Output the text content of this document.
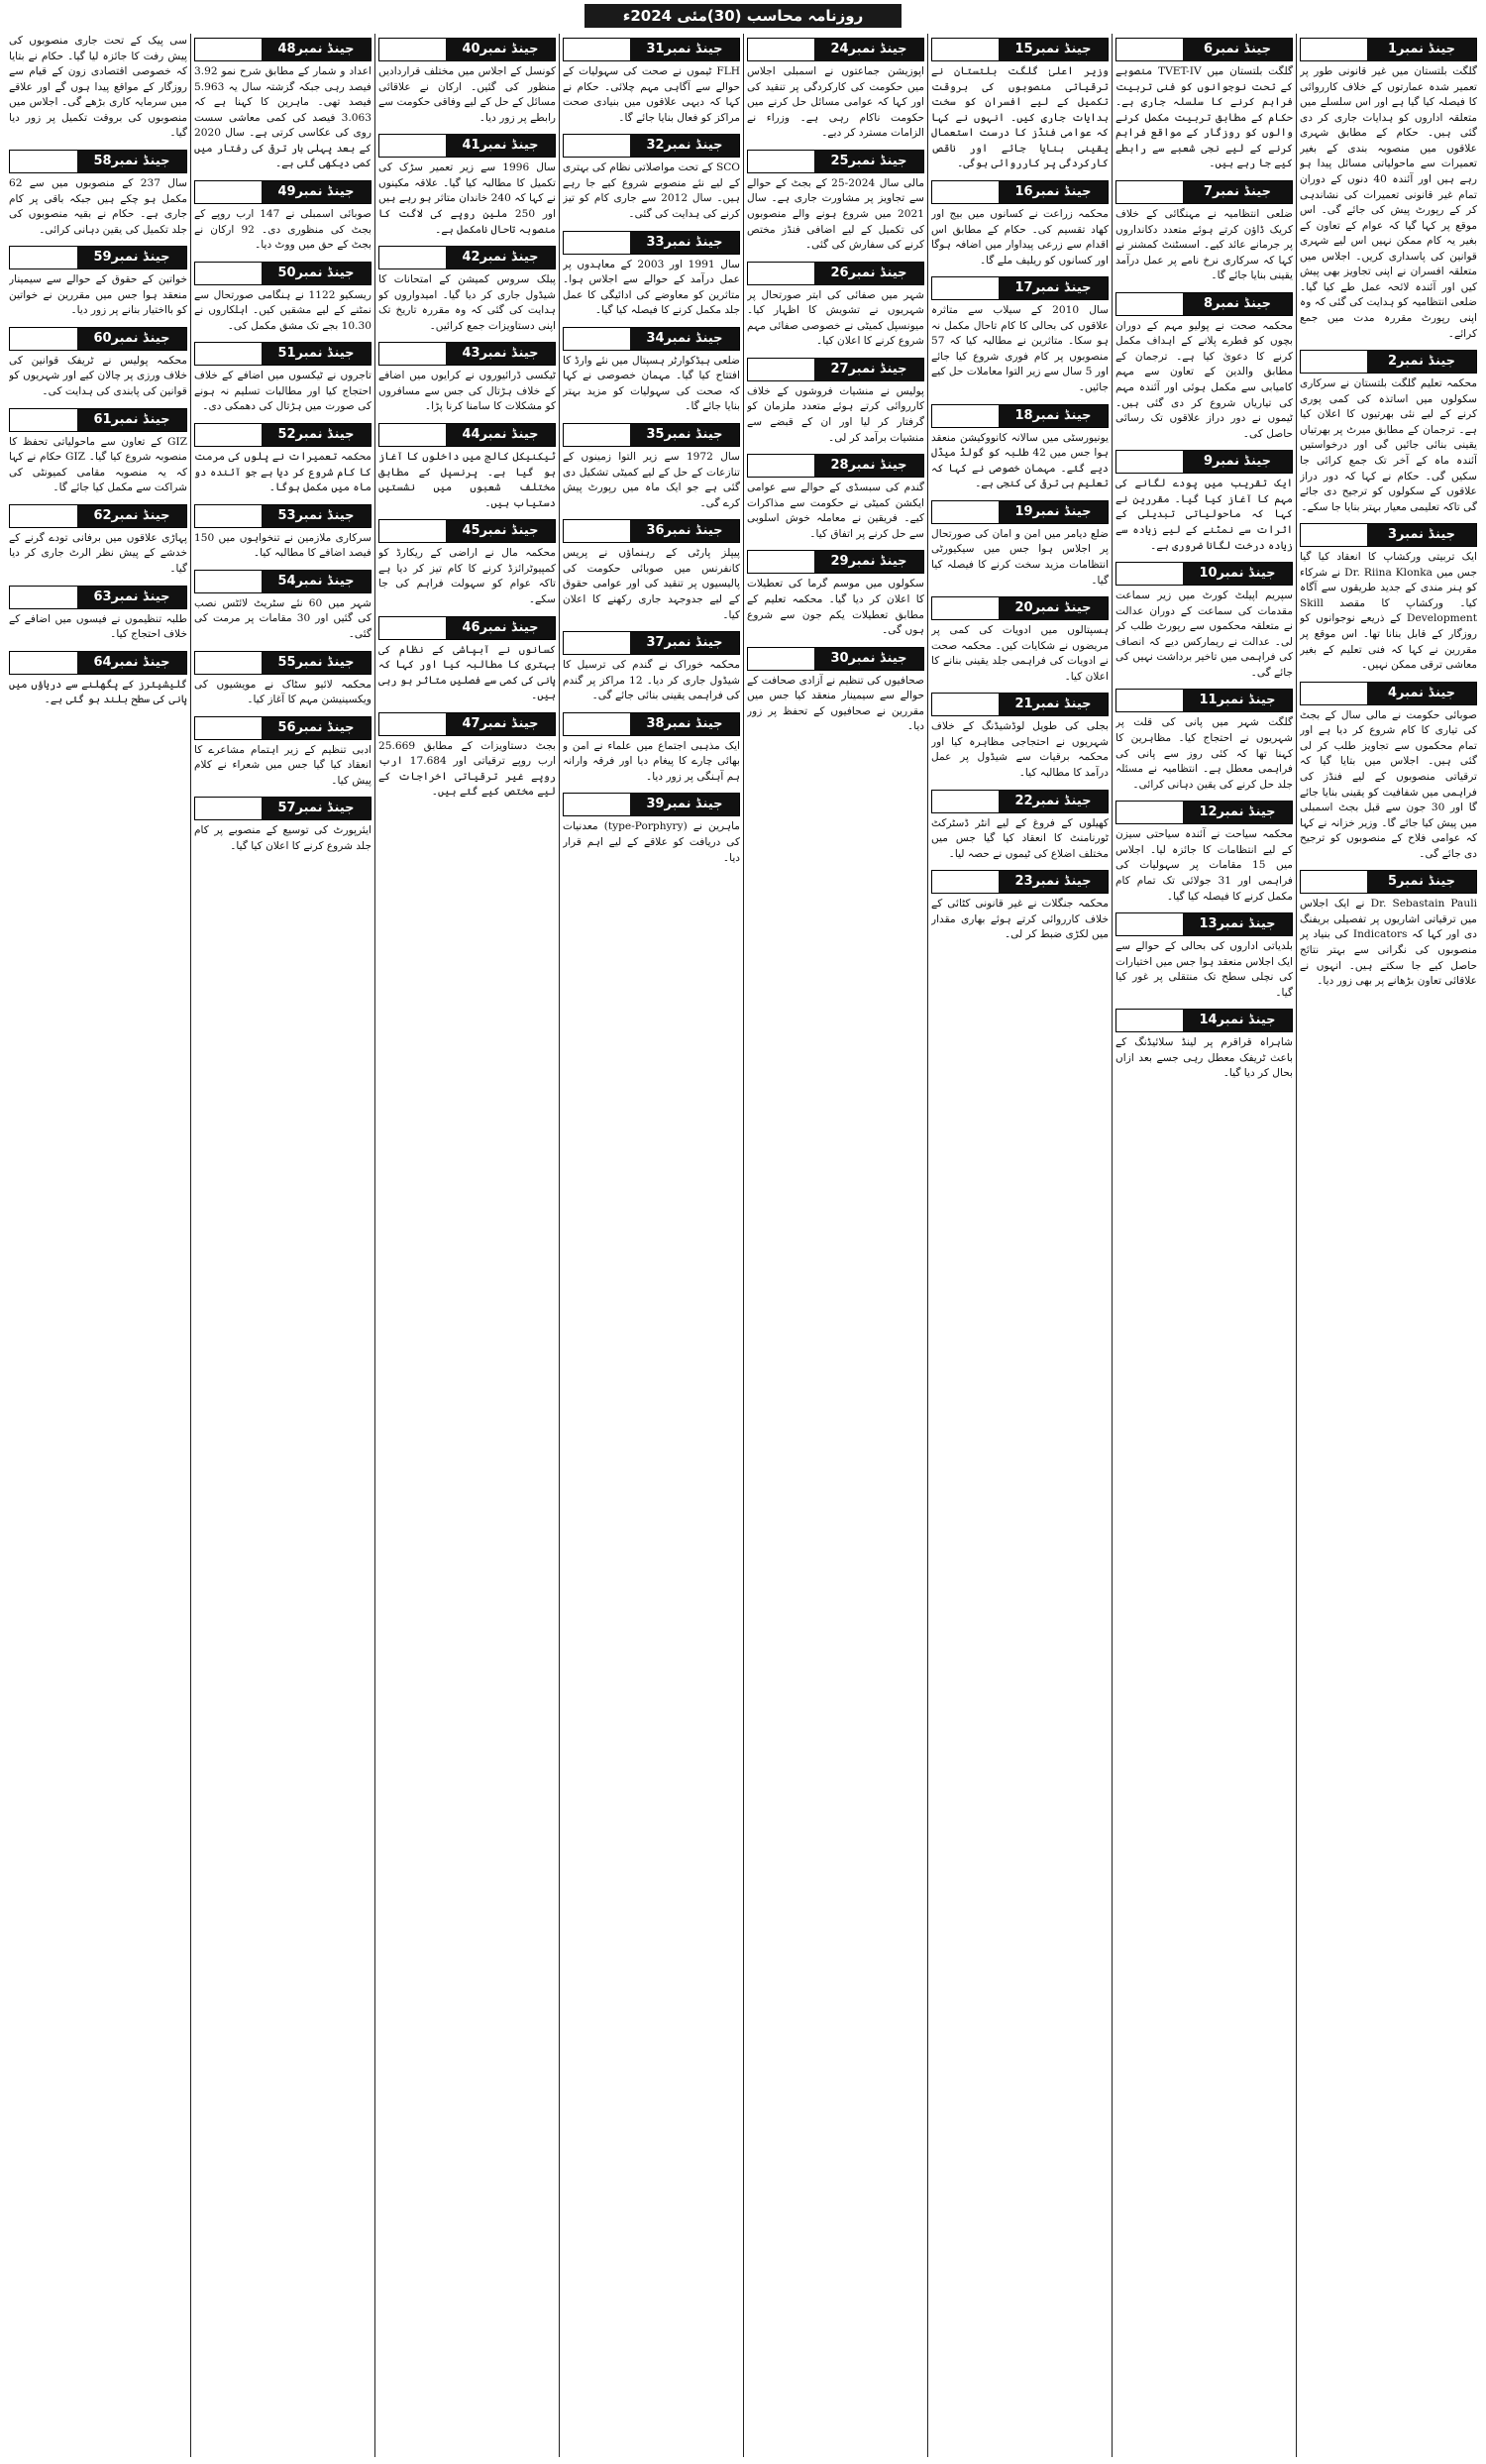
روزنامہ محاسب (30)مئی 2024ء
جینڈ نمبر1

گلگت بلتستان میں غیر قانونی طور پر تعمیر شدہ عمارتوں کے خلاف کارروائی کا فیصلہ کیا گیا ہے اور اس سلسلے میں متعلقہ اداروں کو ہدایات جاری کر دی گئی ہیں۔ حکام کے مطابق شہری علاقوں میں منصوبہ بندی کے بغیر تعمیرات سے ماحولیاتی مسائل پیدا ہو رہے ہیں اور آئندہ 40 دنوں کے دوران تمام غیر قانونی تعمیرات کی نشاندہی کر کے رپورٹ پیش کی جائے گی۔ اس موقع پر کہا گیا کہ عوام کے تعاون کے بغیر یہ کام ممکن نہیں اس لیے شہری قوانین کی پاسداری کریں۔ اجلاس میں متعلقہ افسران نے اپنی تجاویز بھی پیش کیں اور آئندہ لائحہ عمل طے کیا گیا۔ ضلعی انتظامیہ کو ہدایت کی گئی کہ وہ اپنی رپورٹ مقررہ مدت میں جمع کرائے۔

جینڈ نمبر2

محکمہ تعلیم گلگت بلتستان نے سرکاری سکولوں میں اساتذہ کی کمی پوری کرنے کے لیے نئی بھرتیوں کا اعلان کیا ہے۔ ترجمان کے مطابق میرٹ پر بھرتیاں یقینی بنائی جائیں گی اور درخواستیں آئندہ ماہ کے آخر تک جمع کرائی جا سکیں گی۔ حکام نے کہا کہ دور دراز علاقوں کے سکولوں کو ترجیح دی جائے گی تاکہ تعلیمی معیار بہتر بنایا جا سکے۔

جینڈ نمبر3

ایک تربیتی ورکشاپ کا انعقاد کیا گیا جس میں Dr. Riina Klonka نے شرکاء کو ہنر مندی کے جدید طریقوں سے آگاہ کیا۔ ورکشاپ کا مقصد Skill Development کے ذریعے نوجوانوں کو روزگار کے قابل بنانا تھا۔ اس موقع پر مقررین نے کہا کہ فنی تعلیم کے بغیر معاشی ترقی ممکن نہیں۔

جینڈ نمبر4

صوبائی حکومت نے مالی سال کے بجٹ کی تیاری کا کام شروع کر دیا ہے اور تمام محکموں سے تجاویز طلب کر لی گئی ہیں۔ اجلاس میں بتایا گیا کہ ترقیاتی منصوبوں کے لیے فنڈز کی فراہمی میں شفافیت کو یقینی بنایا جائے گا اور 30 جون سے قبل بجٹ اسمبلی میں پیش کیا جائے گا۔ وزیر خزانہ نے کہا کہ عوامی فلاح کے منصوبوں کو ترجیح دی جائے گی۔

جینڈ نمبر5

Dr. Sebastain Pauli نے ایک اجلاس میں ترقیاتی اشاریوں پر تفصیلی بریفنگ دی اور کہا کہ Indicators کی بنیاد پر منصوبوں کی نگرانی سے بہتر نتائج حاصل کیے جا سکتے ہیں۔ انہوں نے علاقائی تعاون بڑھانے پر بھی زور دیا۔

جینڈ نمبر6

گلگت بلتستان میں TVET-IV منصوبے کے تحت نوجوانوں کو فنی تربیت فراہم کرنے کا سلسلہ جاری ہے۔ حکام کے مطابق تربیت مکمل کرنے والوں کو روزگار کے مواقع فراہم کرنے کے لیے نجی شعبے سے رابطے کیے جا رہے ہیں۔

جینڈ نمبر7

ضلعی انتظامیہ نے مہنگائی کے خلاف کریک ڈاؤن کرتے ہوئے متعدد دکانداروں پر جرمانے عائد کیے۔ اسسٹنٹ کمشنر نے کہا کہ سرکاری نرخ نامے پر عمل درآمد یقینی بنایا جائے گا۔

جینڈ نمبر8

محکمہ صحت نے پولیو مہم کے دوران بچوں کو قطرے پلانے کے اہداف مکمل کرنے کا دعویٰ کیا ہے۔ ترجمان کے مطابق والدین کے تعاون سے مہم کامیابی سے مکمل ہوئی اور آئندہ مہم کی تیاریاں شروع کر دی گئی ہیں۔ ٹیموں نے دور دراز علاقوں تک رسائی حاصل کی۔

جینڈ نمبر9

ایک تقریب میں پودے لگانے کی مہم کا آغاز کیا گیا۔ مقررین نے کہا کہ ماحولیاتی تبدیلی کے اثرات سے نمٹنے کے لیے زیادہ سے زیادہ درخت لگانا ضروری ہے۔

جینڈ نمبر10

سپریم اپیلٹ کورٹ میں زیر سماعت مقدمات کی سماعت کے دوران عدالت نے متعلقہ محکموں سے رپورٹ طلب کر لی۔ عدالت نے ریمارکس دیے کہ انصاف کی فراہمی میں تاخیر برداشت نہیں کی جائے گی۔

جینڈ نمبر11

گلگت شہر میں پانی کی قلت پر شہریوں نے احتجاج کیا۔ مظاہرین کا کہنا تھا کہ کئی روز سے پانی کی فراہمی معطل ہے۔ انتظامیہ نے مسئلہ جلد حل کرنے کی یقین دہانی کرائی۔

جینڈ نمبر12

محکمہ سیاحت نے آئندہ سیاحتی سیزن کے لیے انتظامات کا جائزہ لیا۔ اجلاس میں 15 مقامات پر سہولیات کی فراہمی اور 31 جولائی تک تمام کام مکمل کرنے کا فیصلہ کیا گیا۔

جینڈ نمبر13

بلدیاتی اداروں کی بحالی کے حوالے سے ایک اجلاس منعقد ہوا جس میں اختیارات کی نچلی سطح تک منتقلی پر غور کیا گیا۔

جینڈ نمبر14

شاہراہ قراقرم پر لینڈ سلائیڈنگ کے باعث ٹریفک معطل رہی جسے بعد ازاں بحال کر دیا گیا۔

جینڈ نمبر15

وزیر اعلیٰ گلگت بلتستان نے ترقیاتی منصوبوں کی بروقت تکمیل کے لیے افسران کو سخت ہدایات جاری کیں۔ انہوں نے کہا کہ عوامی فنڈز کا درست استعمال یقینی بنایا جائے اور ناقص کارکردگی پر کارروائی ہوگی۔

جینڈ نمبر16

محکمہ زراعت نے کسانوں میں بیج اور کھاد تقسیم کی۔ حکام کے مطابق اس اقدام سے زرعی پیداوار میں اضافہ ہوگا اور کسانوں کو ریلیف ملے گا۔

جینڈ نمبر17

سال 2010 کے سیلاب سے متاثرہ علاقوں کی بحالی کا کام تاحال مکمل نہ ہو سکا۔ متاثرین نے مطالبہ کیا کہ 57 منصوبوں پر کام فوری شروع کیا جائے اور 5 سال سے زیر التوا معاملات حل کیے جائیں۔

جینڈ نمبر18

یونیورسٹی میں سالانہ کانووکیشن منعقد ہوا جس میں 42 طلبہ کو گولڈ میڈل دیے گئے۔ مہمان خصوصی نے کہا کہ تعلیم ہی ترقی کی کنجی ہے۔

جینڈ نمبر19

ضلع دیامر میں امن و امان کی صورتحال پر اجلاس ہوا جس میں سیکیورٹی انتظامات مزید سخت کرنے کا فیصلہ کیا گیا۔

جینڈ نمبر20

ہسپتالوں میں ادویات کی کمی پر مریضوں نے شکایات کیں۔ محکمہ صحت نے ادویات کی فراہمی جلد یقینی بنانے کا اعلان کیا۔

جینڈ نمبر21

بجلی کی طویل لوڈشیڈنگ کے خلاف شہریوں نے احتجاجی مظاہرہ کیا اور محکمہ برقیات سے شیڈول پر عمل درآمد کا مطالبہ کیا۔

جینڈ نمبر22

کھیلوں کے فروغ کے لیے انٹر ڈسٹرکٹ ٹورنامنٹ کا انعقاد کیا گیا جس میں مختلف اضلاع کی ٹیموں نے حصہ لیا۔

جینڈ نمبر23

محکمہ جنگلات نے غیر قانونی کٹائی کے خلاف کارروائی کرتے ہوئے بھاری مقدار میں لکڑی ضبط کر لی۔

جینڈ نمبر24

اپوزیشن جماعتوں نے اسمبلی اجلاس میں حکومت کی کارکردگی پر تنقید کی اور کہا کہ عوامی مسائل حل کرنے میں حکومت ناکام رہی ہے۔ وزراء نے الزامات مسترد کر دیے۔

جینڈ نمبر25

مالی سال 2024-25 کے بجٹ کے حوالے سے تجاویز پر مشاورت جاری ہے۔ سال 2021 میں شروع ہونے والے منصوبوں کی تکمیل کے لیے اضافی فنڈز مختص کرنے کی سفارش کی گئی۔

جینڈ نمبر26

شہر میں صفائی کی ابتر صورتحال پر شہریوں نے تشویش کا اظہار کیا۔ میونسپل کمیٹی نے خصوصی صفائی مہم شروع کرنے کا اعلان کیا۔

جینڈ نمبر27

پولیس نے منشیات فروشوں کے خلاف کارروائی کرتے ہوئے متعدد ملزمان کو گرفتار کر لیا اور ان کے قبضے سے منشیات برآمد کر لی۔

جینڈ نمبر28

گندم کی سبسڈی کے حوالے سے عوامی ایکشن کمیٹی نے حکومت سے مذاکرات کیے۔ فریقین نے معاملہ خوش اسلوبی سے حل کرنے پر اتفاق کیا۔

جینڈ نمبر29

سکولوں میں موسم گرما کی تعطیلات کا اعلان کر دیا گیا۔ محکمہ تعلیم کے مطابق تعطیلات یکم جون سے شروع ہوں گی۔

جینڈ نمبر30

صحافیوں کی تنظیم نے آزادی صحافت کے حوالے سے سیمینار منعقد کیا جس میں مقررین نے صحافیوں کے تحفظ پر زور دیا۔

جینڈ نمبر31

FLH ٹیموں نے صحت کی سہولیات کے حوالے سے آگاہی مہم چلائی۔ حکام نے کہا کہ دیہی علاقوں میں بنیادی صحت مراکز کو فعال بنایا جائے گا۔

جینڈ نمبر32

SCO کے تحت مواصلاتی نظام کی بہتری کے لیے نئے منصوبے شروع کیے جا رہے ہیں۔ سال 2012 سے جاری کام کو تیز کرنے کی ہدایت کی گئی۔

جینڈ نمبر33

سال 1991 اور 2003 کے معاہدوں پر عمل درآمد کے حوالے سے اجلاس ہوا۔ متاثرین کو معاوضے کی ادائیگی کا عمل جلد مکمل کرنے کا فیصلہ کیا گیا۔

جینڈ نمبر34

ضلعی ہیڈکوارٹر ہسپتال میں نئے وارڈ کا افتتاح کیا گیا۔ مہمان خصوصی نے کہا کہ صحت کی سہولیات کو مزید بہتر بنایا جائے گا۔

جینڈ نمبر35

سال 1972 سے زیر التوا زمینوں کے تنازعات کے حل کے لیے کمیٹی تشکیل دی گئی ہے جو ایک ماہ میں رپورٹ پیش کرے گی۔

جینڈ نمبر36

پیپلز پارٹی کے رہنماؤں نے پریس کانفرنس میں صوبائی حکومت کی پالیسیوں پر تنقید کی اور عوامی حقوق کے لیے جدوجہد جاری رکھنے کا اعلان کیا۔

جینڈ نمبر37

محکمہ خوراک نے گندم کی ترسیل کا شیڈول جاری کر دیا۔ 12 مراکز پر گندم کی فراہمی یقینی بنائی جائے گی۔

جینڈ نمبر38

ایک مذہبی اجتماع میں علماء نے امن و بھائی چارے کا پیغام دیا اور فرقہ وارانہ ہم آہنگی پر زور دیا۔

جینڈ نمبر39

ماہرین نے (type-Porphyry) معدنیات کی دریافت کو علاقے کے لیے اہم قرار دیا۔

جینڈ نمبر40

کونسل کے اجلاس میں مختلف قراردادیں منظور کی گئیں۔ ارکان نے علاقائی مسائل کے حل کے لیے وفاقی حکومت سے رابطے پر زور دیا۔

جینڈ نمبر41

سال 1996 سے زیر تعمیر سڑک کی تکمیل کا مطالبہ کیا گیا۔ علاقہ مکینوں نے کہا کہ 240 خاندان متاثر ہو رہے ہیں اور 250 ملین روپے کی لاگت کا منصوبہ تاحال نامکمل ہے۔

جینڈ نمبر42

پبلک سروس کمیشن کے امتحانات کا شیڈول جاری کر دیا گیا۔ امیدواروں کو ہدایت کی گئی کہ وہ مقررہ تاریخ تک اپنی دستاویزات جمع کرائیں۔

جینڈ نمبر43

ٹیکسی ڈرائیوروں نے کرایوں میں اضافے کے خلاف ہڑتال کی جس سے مسافروں کو مشکلات کا سامنا کرنا پڑا۔

جینڈ نمبر44

ٹیکنیکل کالج میں داخلوں کا آغاز ہو گیا ہے۔ پرنسپل کے مطابق مختلف شعبوں میں نشستیں دستیاب ہیں۔

جینڈ نمبر45

محکمہ مال نے اراضی کے ریکارڈ کو کمپیوٹرائزڈ کرنے کا کام تیز کر دیا ہے تاکہ عوام کو سہولت فراہم کی جا سکے۔

جینڈ نمبر46

کسانوں نے آبپاشی کے نظام کی بہتری کا مطالبہ کیا اور کہا کہ پانی کی کمی سے فصلیں متاثر ہو رہی ہیں۔

جینڈ نمبر47

بجٹ دستاویزات کے مطابق 25.669 ارب روپے ترقیاتی اور 17.684 ارب روپے غیر ترقیاتی اخراجات کے لیے مختص کیے گئے ہیں۔

جینڈ نمبر48

اعداد و شمار کے مطابق شرح نمو 3.92 فیصد رہی جبکہ گزشتہ سال یہ 5.963 فیصد تھی۔ ماہرین کا کہنا ہے کہ 3.063 فیصد کی کمی معاشی سست روی کی عکاسی کرتی ہے۔ سال 2020 کے بعد پہلی بار ترقی کی رفتار میں کمی دیکھی گئی ہے۔

جینڈ نمبر49

صوبائی اسمبلی نے 147 ارب روپے کے بجٹ کی منظوری دی۔ 92 ارکان نے بجٹ کے حق میں ووٹ دیا۔

جینڈ نمبر50

ریسکیو 1122 نے ہنگامی صورتحال سے نمٹنے کے لیے مشقیں کیں۔ اہلکاروں نے 10.30 بجے تک مشق مکمل کی۔

جینڈ نمبر51

تاجروں نے ٹیکسوں میں اضافے کے خلاف احتجاج کیا اور مطالبات تسلیم نہ ہونے کی صورت میں ہڑتال کی دھمکی دی۔

جینڈ نمبر52

محکمہ تعمیرات نے پلوں کی مرمت کا کام شروع کر دیا ہے جو آئندہ دو ماہ میں مکمل ہوگا۔

جینڈ نمبر53

سرکاری ملازمین نے تنخواہوں میں 150 فیصد اضافے کا مطالبہ کیا۔

جینڈ نمبر54

شہر میں 60 نئے سٹریٹ لائٹس نصب کی گئیں اور 30 مقامات پر مرمت کی گئی۔

جینڈ نمبر55

محکمہ لائیو سٹاک نے مویشیوں کی ویکسینیشن مہم کا آغاز کیا۔

جینڈ نمبر56

ادبی تنظیم کے زیر اہتمام مشاعرے کا انعقاد کیا گیا جس میں شعراء نے کلام پیش کیا۔

جینڈ نمبر57

ایئرپورٹ کی توسیع کے منصوبے پر کام جلد شروع کرنے کا اعلان کیا گیا۔

سی پیک کے تحت جاری منصوبوں کی پیش رفت کا جائزہ لیا گیا۔ حکام نے بتایا کہ خصوصی اقتصادی زون کے قیام سے روزگار کے مواقع پیدا ہوں گے اور علاقے میں سرمایہ کاری بڑھے گی۔ اجلاس میں منصوبوں کی بروقت تکمیل پر زور دیا گیا۔

جینڈ نمبر58

سال 237 کے منصوبوں میں سے 62 مکمل ہو چکے ہیں جبکہ باقی پر کام جاری ہے۔ حکام نے بقیہ منصوبوں کی جلد تکمیل کی یقین دہانی کرائی۔

جینڈ نمبر59

خواتین کے حقوق کے حوالے سے سیمینار منعقد ہوا جس میں مقررین نے خواتین کو بااختیار بنانے پر زور دیا۔

جینڈ نمبر60

محکمہ پولیس نے ٹریفک قوانین کی خلاف ورزی پر چالان کیے اور شہریوں کو قوانین کی پابندی کی ہدایت کی۔

جینڈ نمبر61

GIZ کے تعاون سے ماحولیاتی تحفظ کا منصوبہ شروع کیا گیا۔ GIZ حکام نے کہا کہ یہ منصوبہ مقامی کمیونٹی کی شراکت سے مکمل کیا جائے گا۔

جینڈ نمبر62

پہاڑی علاقوں میں برفانی تودے گرنے کے خدشے کے پیش نظر الرٹ جاری کر دیا گیا۔

جینڈ نمبر63

طلبہ تنظیموں نے فیسوں میں اضافے کے خلاف احتجاج کیا۔

جینڈ نمبر64

گلیشیئرز کے پگھلنے سے دریاؤں میں پانی کی سطح بلند ہو گئی ہے۔
